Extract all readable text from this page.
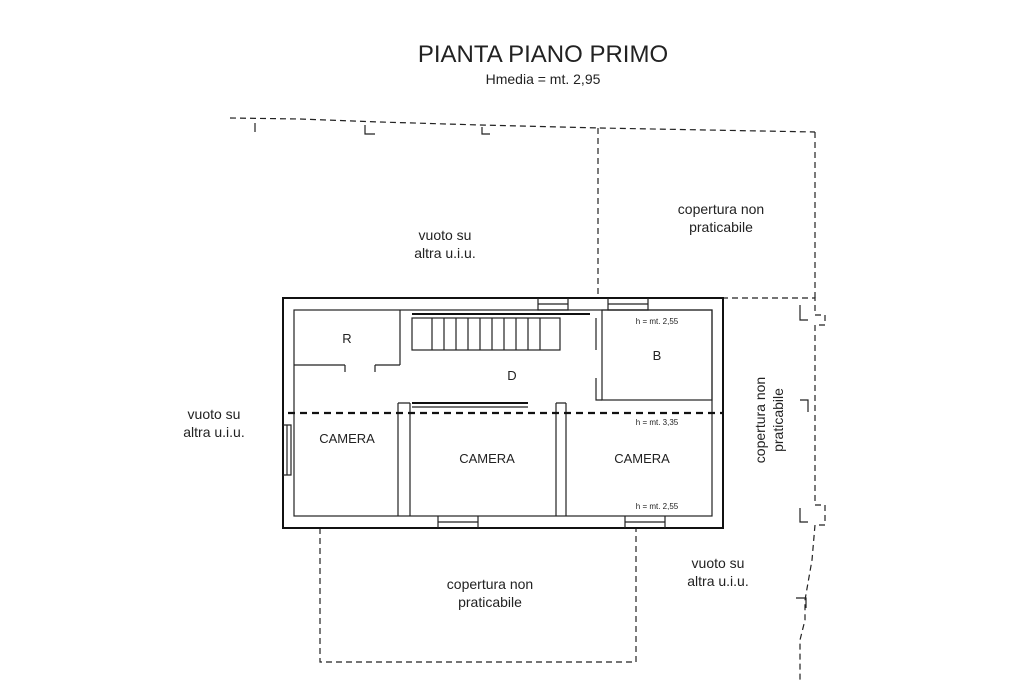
PIANTA PIANO PRIMO
Hmedia = mt. 2,95
vuoto su
altra u.i.u.
copertura non
praticabile
vuoto su
altra u.i.u.	copertura non praticabile
copertura non
praticabile
vuoto su
altra u.i.u.
R
D
B
CAMERA
CAMERA	CAMERA
h = mt. 2,55
h = mt. 3,35
h = mt. 2,55
